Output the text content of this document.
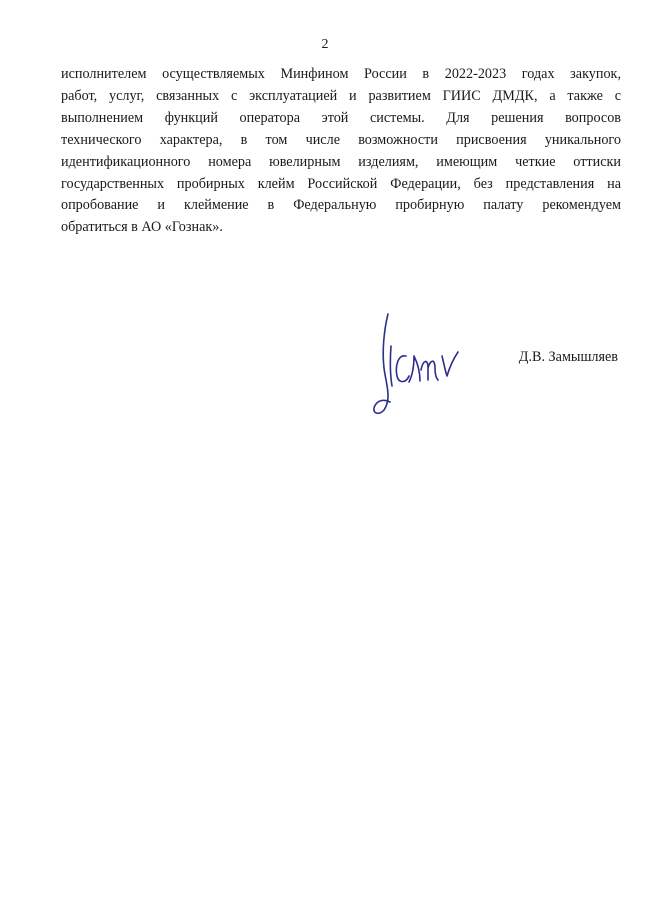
2
исполнителем осуществляемых Минфином России в 2022-2023 годах закупок,
работ, услуг, связанных с эксплуатацией и развитием ГИИС ДМДК, а также с
выполнением функций оператора этой системы. Для решения вопросов
технического характера, в том числе возможности присвоения уникального
идентификационного номера ювелирным изделиям, имеющим четкие оттиски
государственных пробирных клейм Российской Федерации, без представления на
опробование и клеймение в Федеральную пробирную палату рекомендуем
обратиться в АО «Гознак».
Д.В. Замышляев
